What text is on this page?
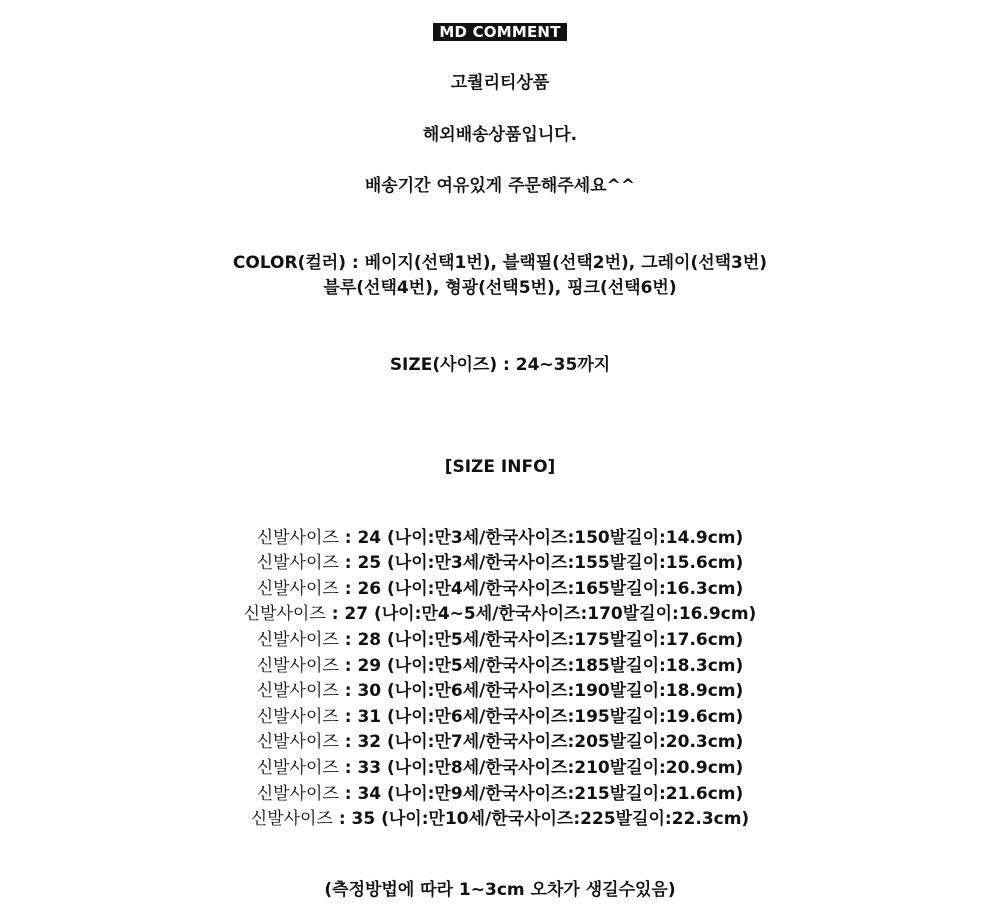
MD COMMENT
고퀄리티상품
해외배송상품입니다.
배송기간 여유있게 주문해주세요^^
COLOR(컬러) : 베이지(선택1번), 블랙필(선택2번), 그레이(선택3번)
블루(선택4번), 형광(선택5번), 핑크(선택6번)
SIZE(사이즈) : 24~35까지
[SIZE INFO]
신발사이즈 : 24 (나이:만3세/한국사이즈:150발길이:14.9cm)
신발사이즈 : 25 (나이:만3세/한국사이즈:155발길이:15.6cm)
신발사이즈 : 26 (나이:만4세/한국사이즈:165발길이:16.3cm)
신발사이즈 : 27 (나이:만4~5세/한국사이즈:170발길이:16.9cm)
신발사이즈 : 28 (나이:만5세/한국사이즈:175발길이:17.6cm)
신발사이즈 : 29 (나이:만5세/한국사이즈:185발길이:18.3cm)
신발사이즈 : 30 (나이:만6세/한국사이즈:190발길이:18.9cm)
신발사이즈 : 31 (나이:만6세/한국사이즈:195발길이:19.6cm)
신발사이즈 : 32 (나이:만7세/한국사이즈:205발길이:20.3cm)
신발사이즈 : 33 (나이:만8세/한국사이즈:210발길이:20.9cm)
신발사이즈 : 34 (나이:만9세/한국사이즈:215발길이:21.6cm)
신발사이즈 : 35 (나이:만10세/한국사이즈:225발길이:22.3cm)
(측정방법에 따라 1~3cm 오차가 생길수있음)
